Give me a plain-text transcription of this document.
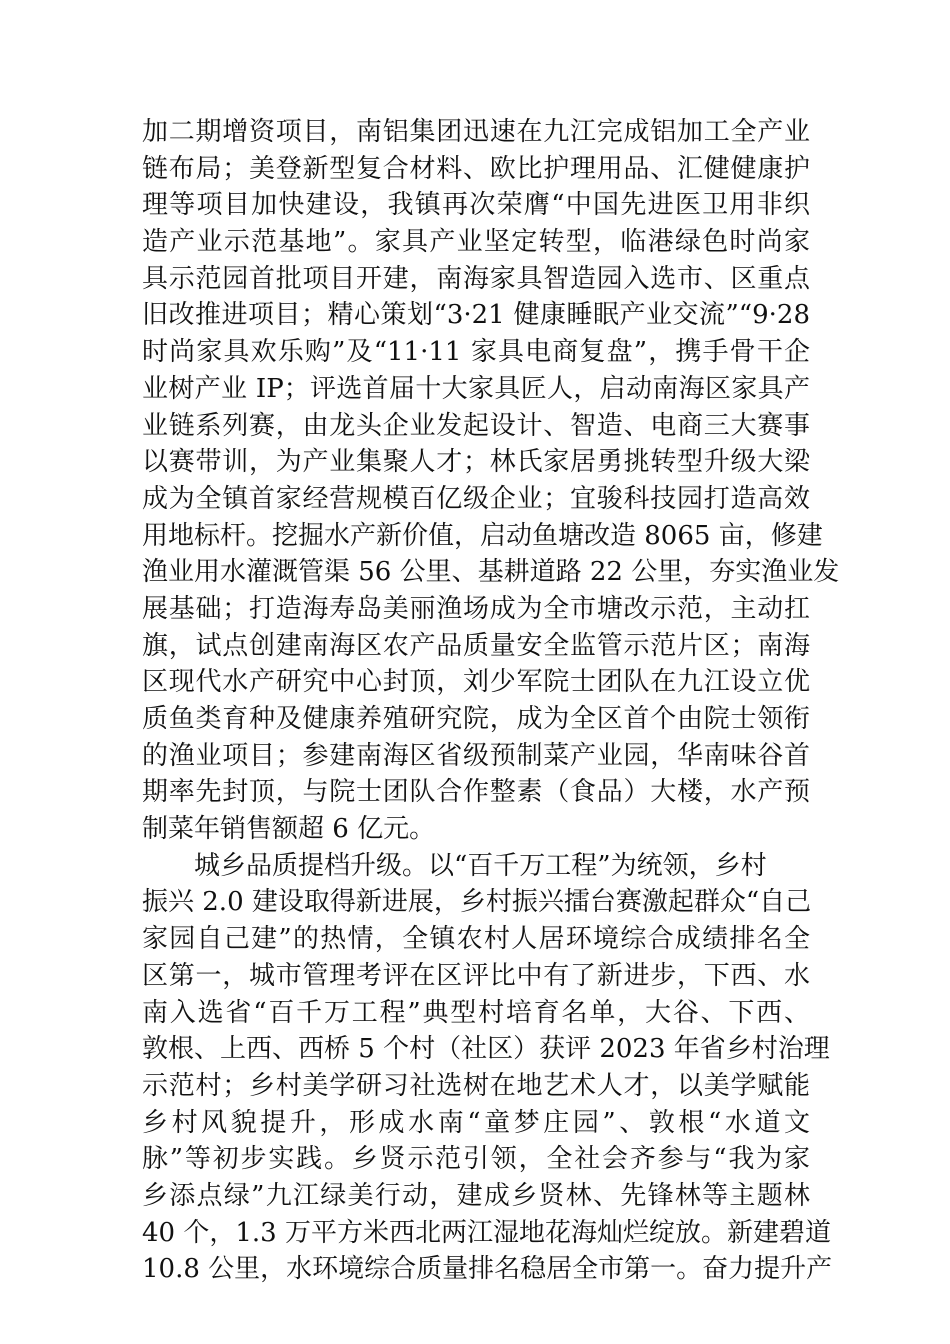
加二期增资项目，南铝集团迅速在九江完成铝加工全产业
链布局；美登新型复合材料、欧比护理用品、汇健健康护
理等项目加快建设，我镇再次荣膺“中国先进医卫用非织
造产业示范基地”。家具产业坚定转型，临港绿色时尚家
具示范园首批项目开建，南海家具智造园入选市、区重点
旧改推进项目；精心策划“3·21 健康睡眠产业交流”“9·28
时尚家具欢乐购”及“11·11 家具电商复盘”，携手骨干企
业树产业 IP；评选首届十大家具匠人，启动南海区家具产
业链系列赛，由龙头企业发起设计、智造、电商三大赛事
以赛带训，为产业集聚人才；林氏家居勇挑转型升级大梁
成为全镇首家经营规模百亿级企业；宜骏科技园打造高效
用地标杆。挖掘水产新价值，启动鱼塘改造 8065 亩，修建
渔业用水灌溉管渠 56 公里、基耕道路 22 公里，夯实渔业发
展基础；打造海寿岛美丽渔场成为全市塘改示范，主动扛
旗，试点创建南海区农产品质量安全监管示范片区；南海
区现代水产研究中心封顶，刘少军院士团队在九江设立优
质鱼类育种及健康养殖研究院，成为全区首个由院士领衔
的渔业项目；参建南海区省级预制菜产业园，华南味谷首
期率先封顶，与院士团队合作整素（食品）大楼，水产预
制菜年销售额超 6 亿元。
城乡品质提档升级。以“百千万工程”为统领，乡村
振兴 2.0 建设取得新进展，乡村振兴擂台赛激起群众“自己
家园自己建”的热情，全镇农村人居环境综合成绩排名全
区第一，城市管理考评在区评比中有了新进步，下西、水
南入选省“百千万工程”典型村培育名单，大谷、下西、
敦根、上西、西桥 5 个村（社区）获评 2023 年省乡村治理
示范村；乡村美学研习社选树在地艺术人才，以美学赋能
乡村风貌提升，形成水南“童梦庄园”、敦根“水道文
脉”等初步实践。乡贤示范引领，全社会齐参与“我为家
乡添点绿”九江绿美行动，建成乡贤林、先锋林等主题林
40 个，1.3 万平方米西北两江湿地花海灿烂绽放。新建碧道
10.8 公里，水环境综合质量排名稳居全市第一。奋力提升产
